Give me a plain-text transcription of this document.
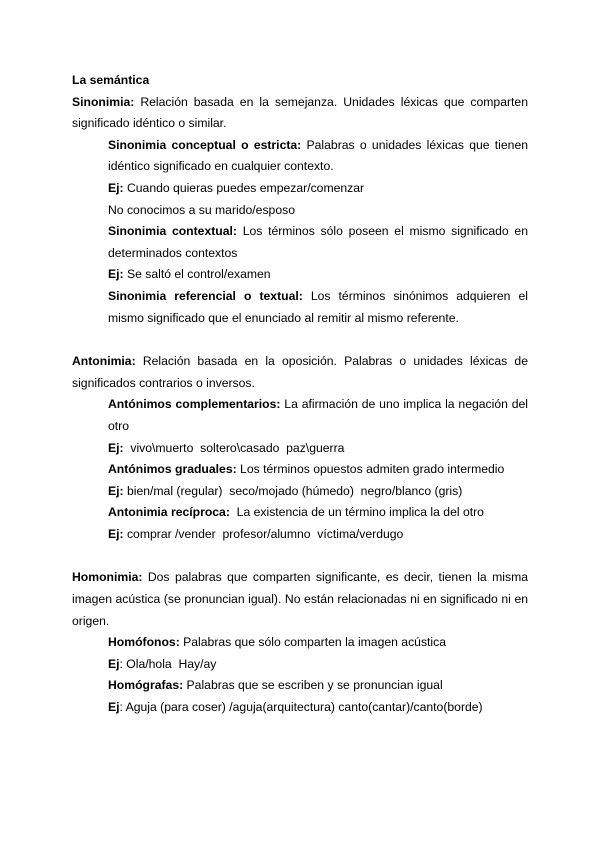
La semántica

Sinonimia: Relación basada en la semejanza. Unidades léxicas que comparten significado idéntico o similar.

Sinonimia conceptual o estricta: Palabras o unidades léxicas que tienen idéntico significado en cualquier contexto.

Ej: Cuando quieras puedes empezar/comenzar

No conocimos a su marido/esposo

Sinonimia contextual: Los términos sólo poseen el mismo significado en determinados contextos

Ej: Se saltó el control/examen

Sinonimia referencial o textual: Los términos sinónimos adquieren el mismo significado que el enunciado al remitir al mismo referente.

Antonimia: Relación basada en la oposición. Palabras o unidades léxicas de significados contrarios o inversos.

Antónimos complementarios: La afirmación de uno implica la negación del otro

Ej:  vivo\muerto  soltero\casado  paz\guerra

Antónimos graduales: Los términos opuestos admiten grado intermedio

Ej: bien/mal (regular)  seco/mojado (húmedo)  negro/blanco (gris)

Antonimia recíproca:  La existencia de un término implica la del otro

Ej: comprar /vender  profesor/alumno  víctima/verdugo

Homonimia: Dos palabras que comparten significante, es decir, tienen la misma imagen acústica (se pronuncian igual). No están relacionadas ni en significado ni en origen.

Homófonos: Palabras que sólo comparten la imagen acústica

Ej: Ola/hola  Hay/ay

Homógrafas: Palabras que se escriben y se pronuncian igual

Ej: Aguja (para coser) /aguja(arquitectura) canto(cantar)/canto(borde)
